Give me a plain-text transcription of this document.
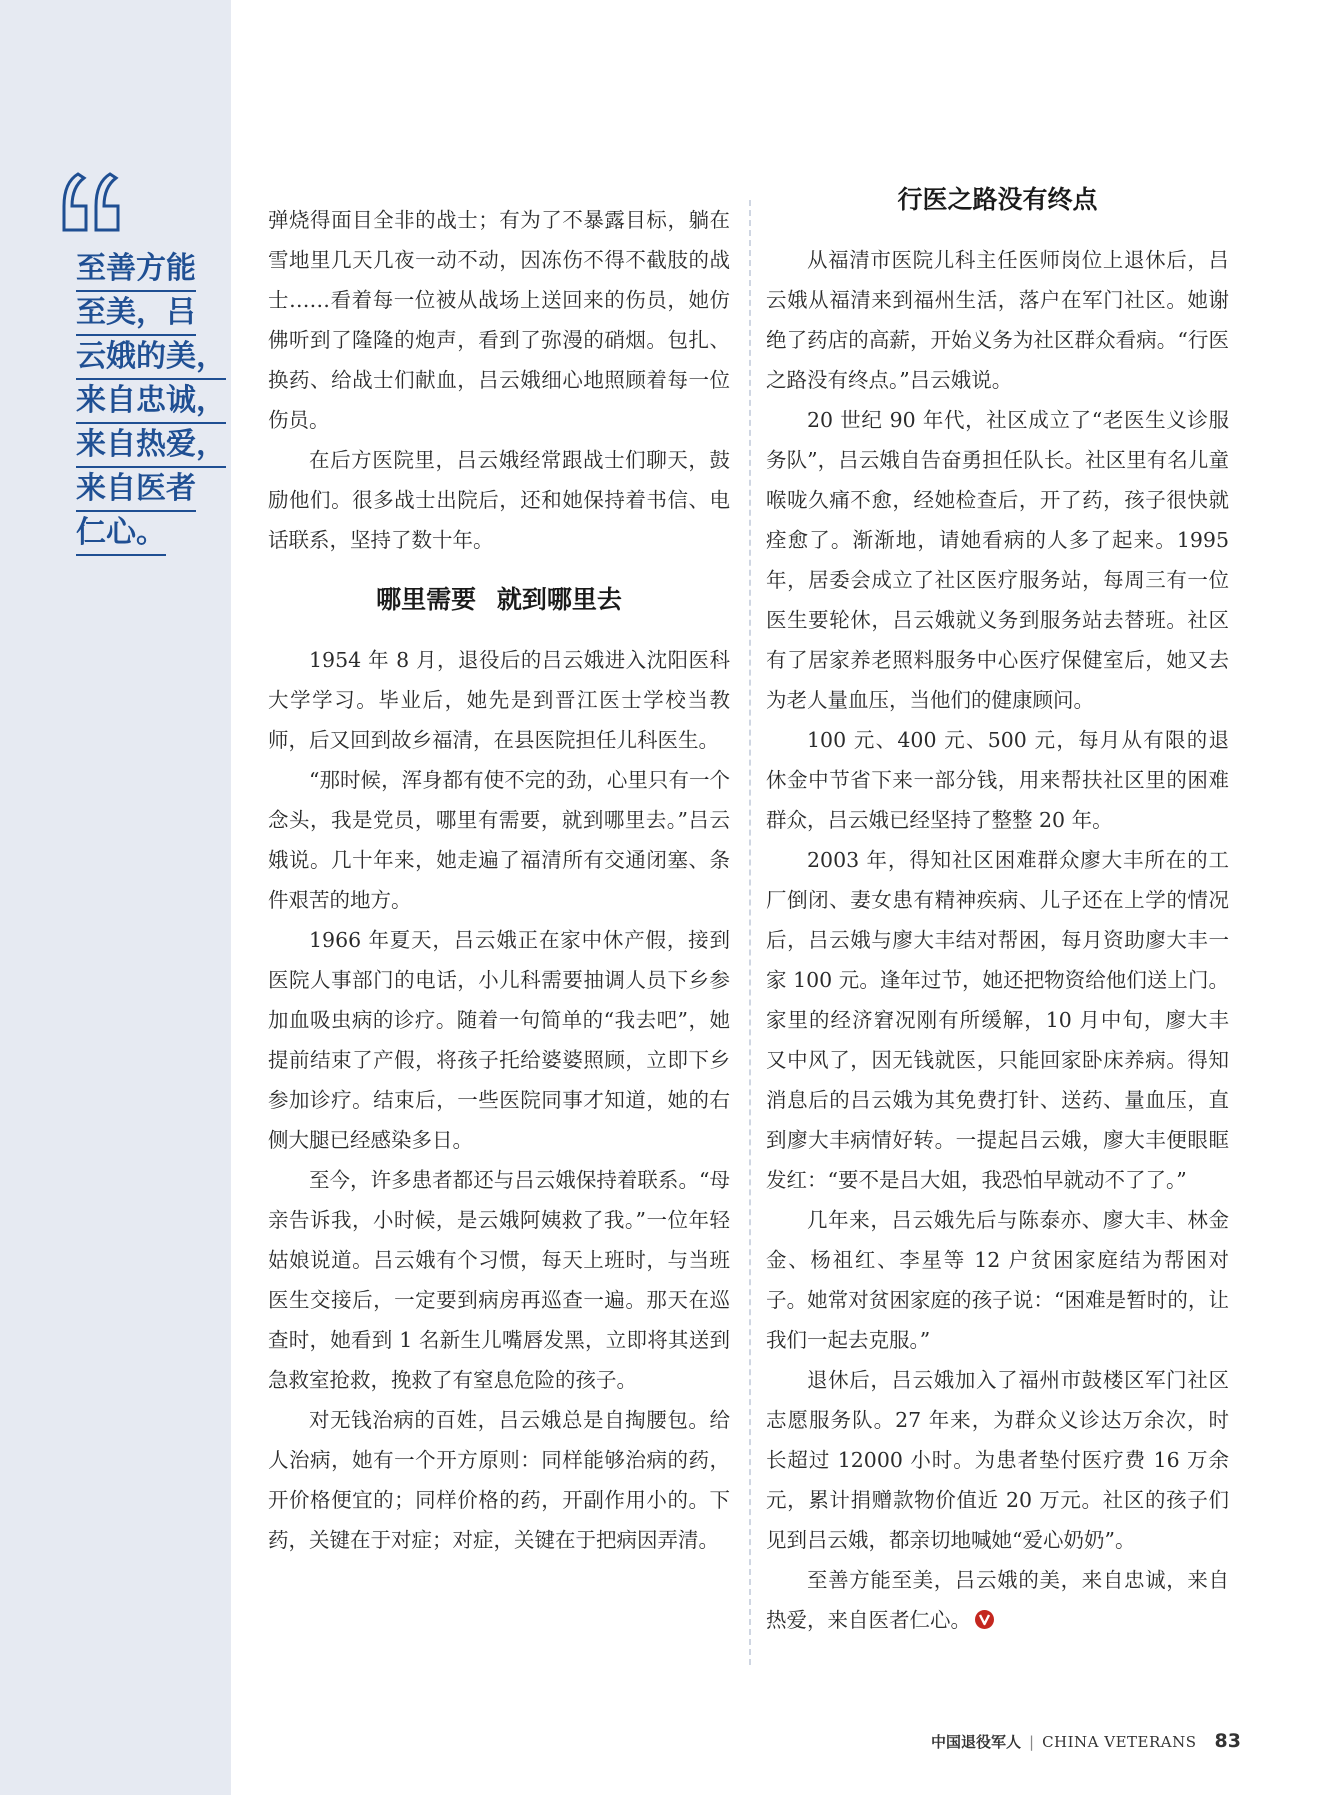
至善方能
至美，吕
云娥的美，
来自忠诚，
来自热爱，
来自医者
仁心。

弹烧得面目全非的战士；有为了不暴露目标，躺在雪地里几天几夜一动不动，因冻伤不得不截肢的战士……看着每一位被从战场上送回来的伤员，她仿佛听到了隆隆的炮声，看到了弥漫的硝烟。包扎、换药、给战士们献血，吕云娥细心地照顾着每一位伤员。

在后方医院里，吕云娥经常跟战士们聊天，鼓励他们。很多战士出院后，还和她保持着书信、电话联系，坚持了数十年。

哪里需要 就到哪里去

1954 年 8 月，退役后的吕云娥进入沈阳医科大学学习。毕业后，她先是到晋江医士学校当教师，后又回到故乡福清，在县医院担任儿科医生。

“那时候，浑身都有使不完的劲，心里只有一个念头，我是党员，哪里有需要，就到哪里去。”吕云娥说。几十年来，她走遍了福清所有交通闭塞、条件艰苦的地方。

1966 年夏天，吕云娥正在家中休产假，接到医院人事部门的电话，小儿科需要抽调人员下乡参加血吸虫病的诊疗。随着一句简单的“我去吧”，她提前结束了产假，将孩子托给婆婆照顾，立即下乡参加诊疗。结束后，一些医院同事才知道，她的右侧大腿已经感染多日。

至今，许多患者都还与吕云娥保持着联系。“母亲告诉我，小时候，是云娥阿姨救了我。”一位年轻姑娘说道。吕云娥有个习惯，每天上班时，与当班医生交接后，一定要到病房再巡查一遍。那天在巡查时，她看到 1 名新生儿嘴唇发黑，立即将其送到急救室抢救，挽救了有窒息危险的孩子。

对无钱治病的百姓，吕云娥总是自掏腰包。给人治病，她有一个开方原则：同样能够治病的药，开价格便宜的；同样价格的药，开副作用小的。下药，关键在于对症；对症，关键在于把病因弄清。

行医之路没有终点

从福清市医院儿科主任医师岗位上退休后，吕云娥从福清来到福州生活，落户在军门社区。她谢绝了药店的高薪，开始义务为社区群众看病。“行医之路没有终点。”吕云娥说。

20 世纪 90 年代，社区成立了“老医生义诊服务队”，吕云娥自告奋勇担任队长。社区里有名儿童喉咙久痛不愈，经她检查后，开了药，孩子很快就痊愈了。渐渐地，请她看病的人多了起来。1995 年，居委会成立了社区医疗服务站，每周三有一位医生要轮休，吕云娥就义务到服务站去替班。社区有了居家养老照料服务中心医疗保健室后，她又去为老人量血压，当他们的健康顾问。

100 元、400 元、500 元，每月从有限的退休金中节省下来一部分钱，用来帮扶社区里的困难群众，吕云娥已经坚持了整整 20 年。

2003 年，得知社区困难群众廖大丰所在的工厂倒闭、妻女患有精神疾病、儿子还在上学的情况后，吕云娥与廖大丰结对帮困，每月资助廖大丰一家 100 元。逢年过节，她还把物资给他们送上门。家里的经济窘况刚有所缓解，10 月中旬，廖大丰又中风了，因无钱就医，只能回家卧床养病。得知消息后的吕云娥为其免费打针、送药、量血压，直到廖大丰病情好转。一提起吕云娥，廖大丰便眼眶发红：“要不是吕大姐，我恐怕早就动不了了。”

几年来，吕云娥先后与陈泰亦、廖大丰、林金金、杨祖红、李星等 12 户贫困家庭结为帮困对子。她常对贫困家庭的孩子说：“困难是暂时的，让我们一起去克服。”

退休后，吕云娥加入了福州市鼓楼区军门社区志愿服务队。27 年来，为群众义诊达万余次，时长超过 12000 小时。为患者垫付医疗费 16 万余元，累计捐赠款物价值近 20 万元。社区的孩子们见到吕云娥，都亲切地喊她“爱心奶奶”。

至善方能至美，吕云娥的美，来自忠诚，来自热爱，来自医者仁心。

中国退役军人 | CHINA VETERANS 83
